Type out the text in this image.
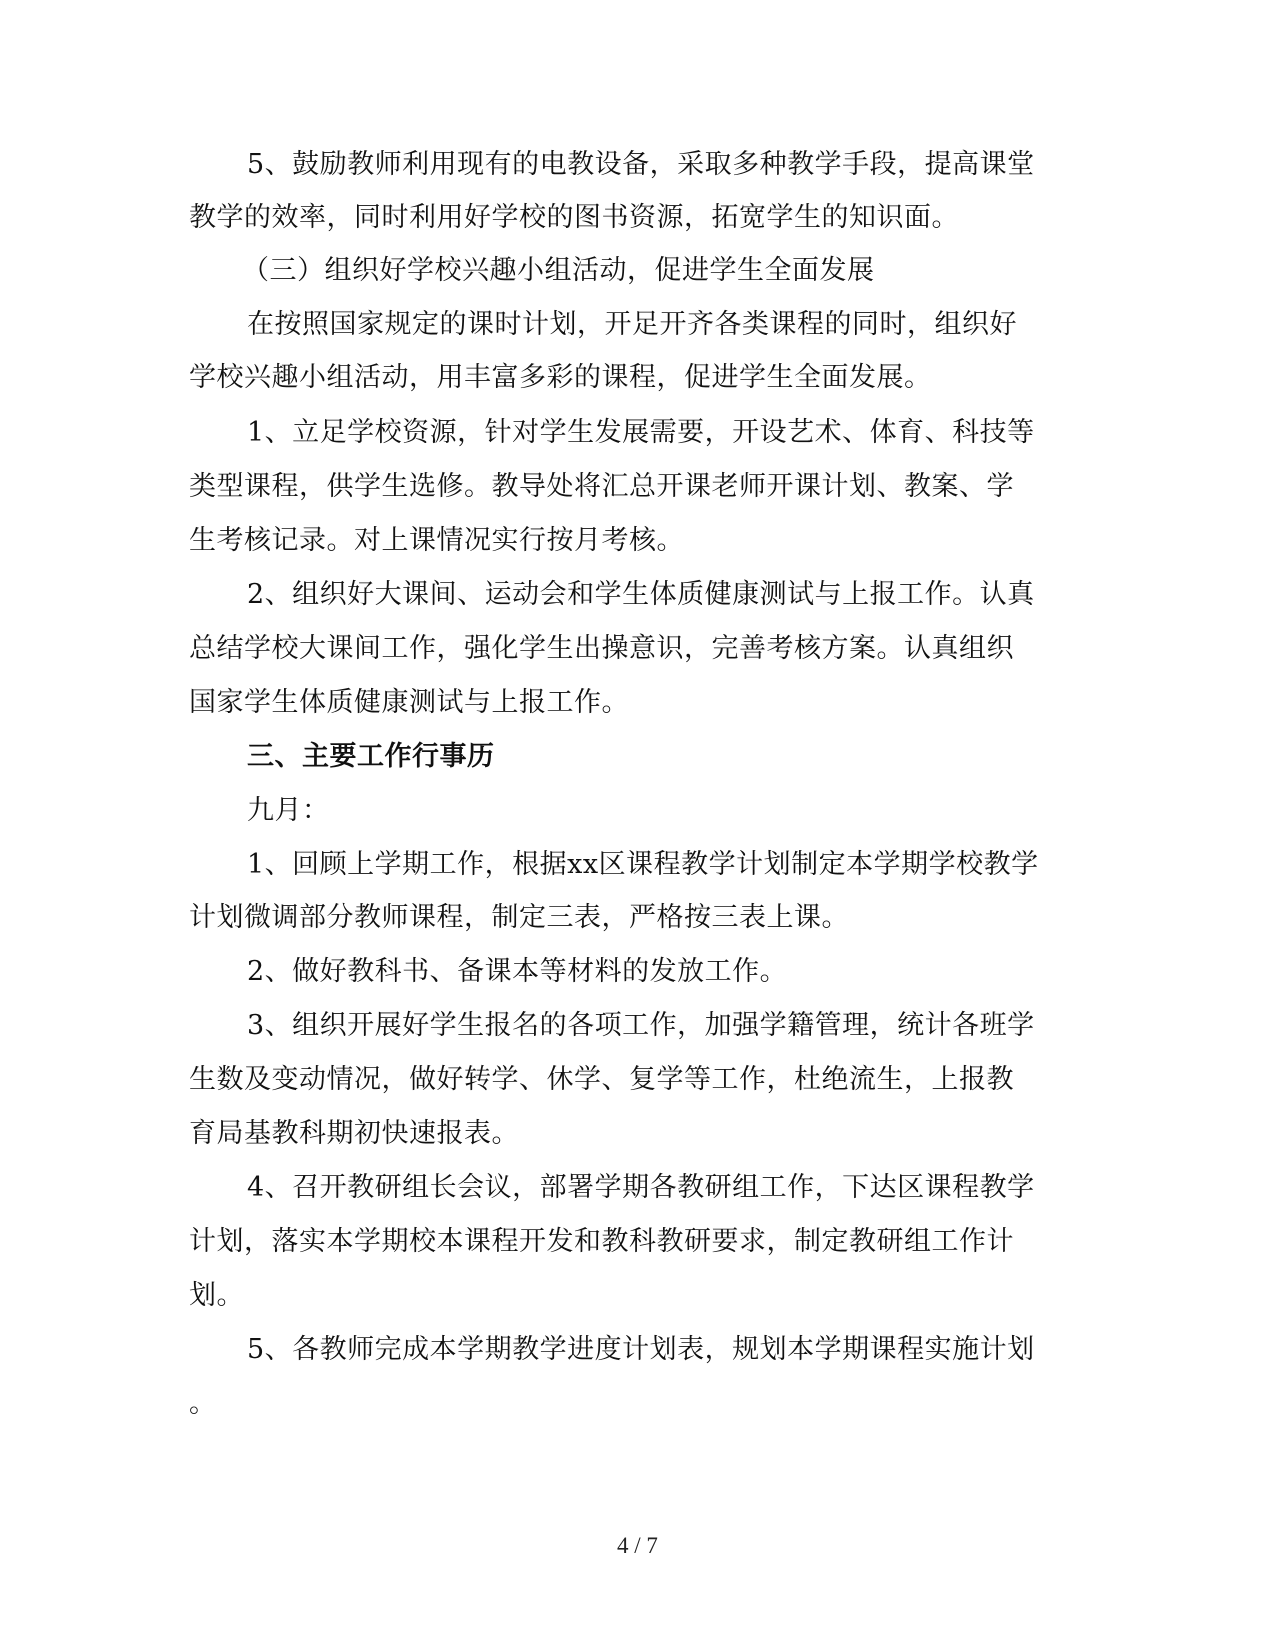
5、鼓励教师利用现有的电教设备，采取多种教学手段，提高课堂
教学的效率，同时利用好学校的图书资源，拓宽学生的知识面。
（三）组织好学校兴趣小组活动，促进学生全面发展
在按照国家规定的课时计划，开足开齐各类课程的同时，组织好
学校兴趣小组活动，用丰富多彩的课程，促进学生全面发展。
1、立足学校资源，针对学生发展需要，开设艺术、体育、科技等
类型课程，供学生选修。教导处将汇总开课老师开课计划、教案、学
生考核记录。对上课情况实行按月考核。
2、组织好大课间、运动会和学生体质健康测试与上报工作。认真
总结学校大课间工作，强化学生出操意识，完善考核方案。认真组织
国家学生体质健康测试与上报工作。
三、主要工作行事历
九月：
1、回顾上学期工作，根据xx区课程教学计划制定本学期学校教学
计划微调部分教师课程，制定三表，严格按三表上课。
2、做好教科书、备课本等材料的发放工作。
3、组织开展好学生报名的各项工作，加强学籍管理，统计各班学
生数及变动情况，做好转学、休学、复学等工作，杜绝流生，上报教
育局基教科期初快速报表。
4、召开教研组长会议，部署学期各教研组工作，下达区课程教学
计划，落实本学期校本课程开发和教科教研要求，制定教研组工作计
划。
5、各教师完成本学期教学进度计划表，规划本学期课程实施计划
。
4 / 7
